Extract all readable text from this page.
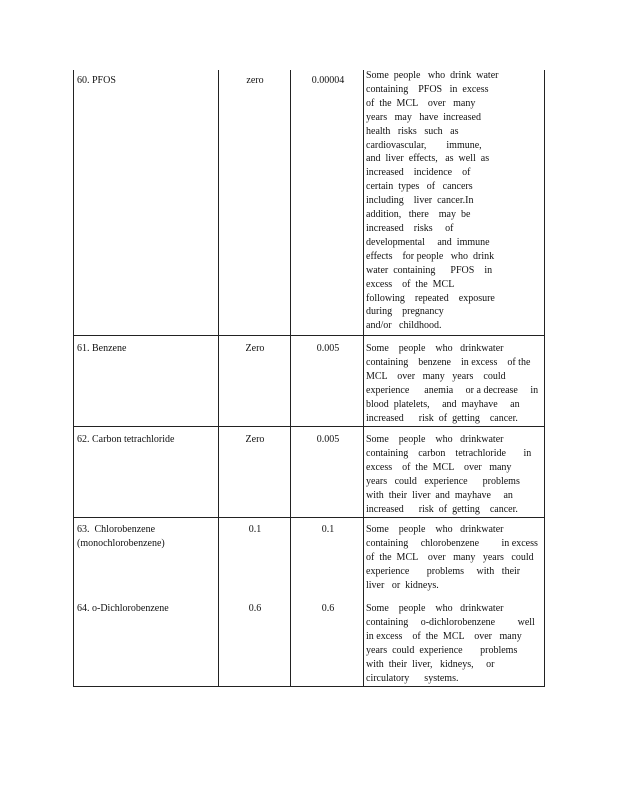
60. PFOS	zero	0.00004	Some  people   who  drink  water
containing    PFOS   in  excess
of  the  MCL    over   many
years   may   have  increased
health   risks   such   as
cardiovascular,        immune,
and  liver  effects,   as  well  as
increased    incidence    of
certain  types   of   cancers
including    liver  cancer.In
addition,   there    may  be
increased    risks     of
developmental     and  immune
effects    for people   who  drink
water  containing      PFOS    in
excess    of  the  MCL
following    repeated    exposure
during    pregnancy
and/or   childhood.
61. Benzene	Zero	0.005	Some    people    who   drinkwater
containing    benzene    in excess    of the
MCL    over   many   years    could
experience      anemia     or a decrease     in
blood  platelets,     and  mayhave     an
increased      risk  of  getting    cancer.
62. Carbon tetrachloride	Zero	0.005	Some    people    who   drinkwater
containing    carbon    tetrachloride       in
excess    of  the  MCL    over   many
years   could   experience      problems
with  their  liver  and  mayhave     an
increased      risk  of  getting    cancer.
63.  Chlorobenzene
(monochlorobenzene)
0.1	0.1	Some    people    who   drinkwater
containing     chlorobenzene         in excess
of  the  MCL    over   many   years   could
experience       problems     with   their
liver   or  kidneys.
64. o-Dichlorobenzene	0.6	0.6	Some    people    who   drinkwater
containing     o-dichlorobenzene         well
in excess    of  the  MCL    over   many
years  could  experience       problems
with  their  liver,   kidneys,     or
circulatory      systems.
